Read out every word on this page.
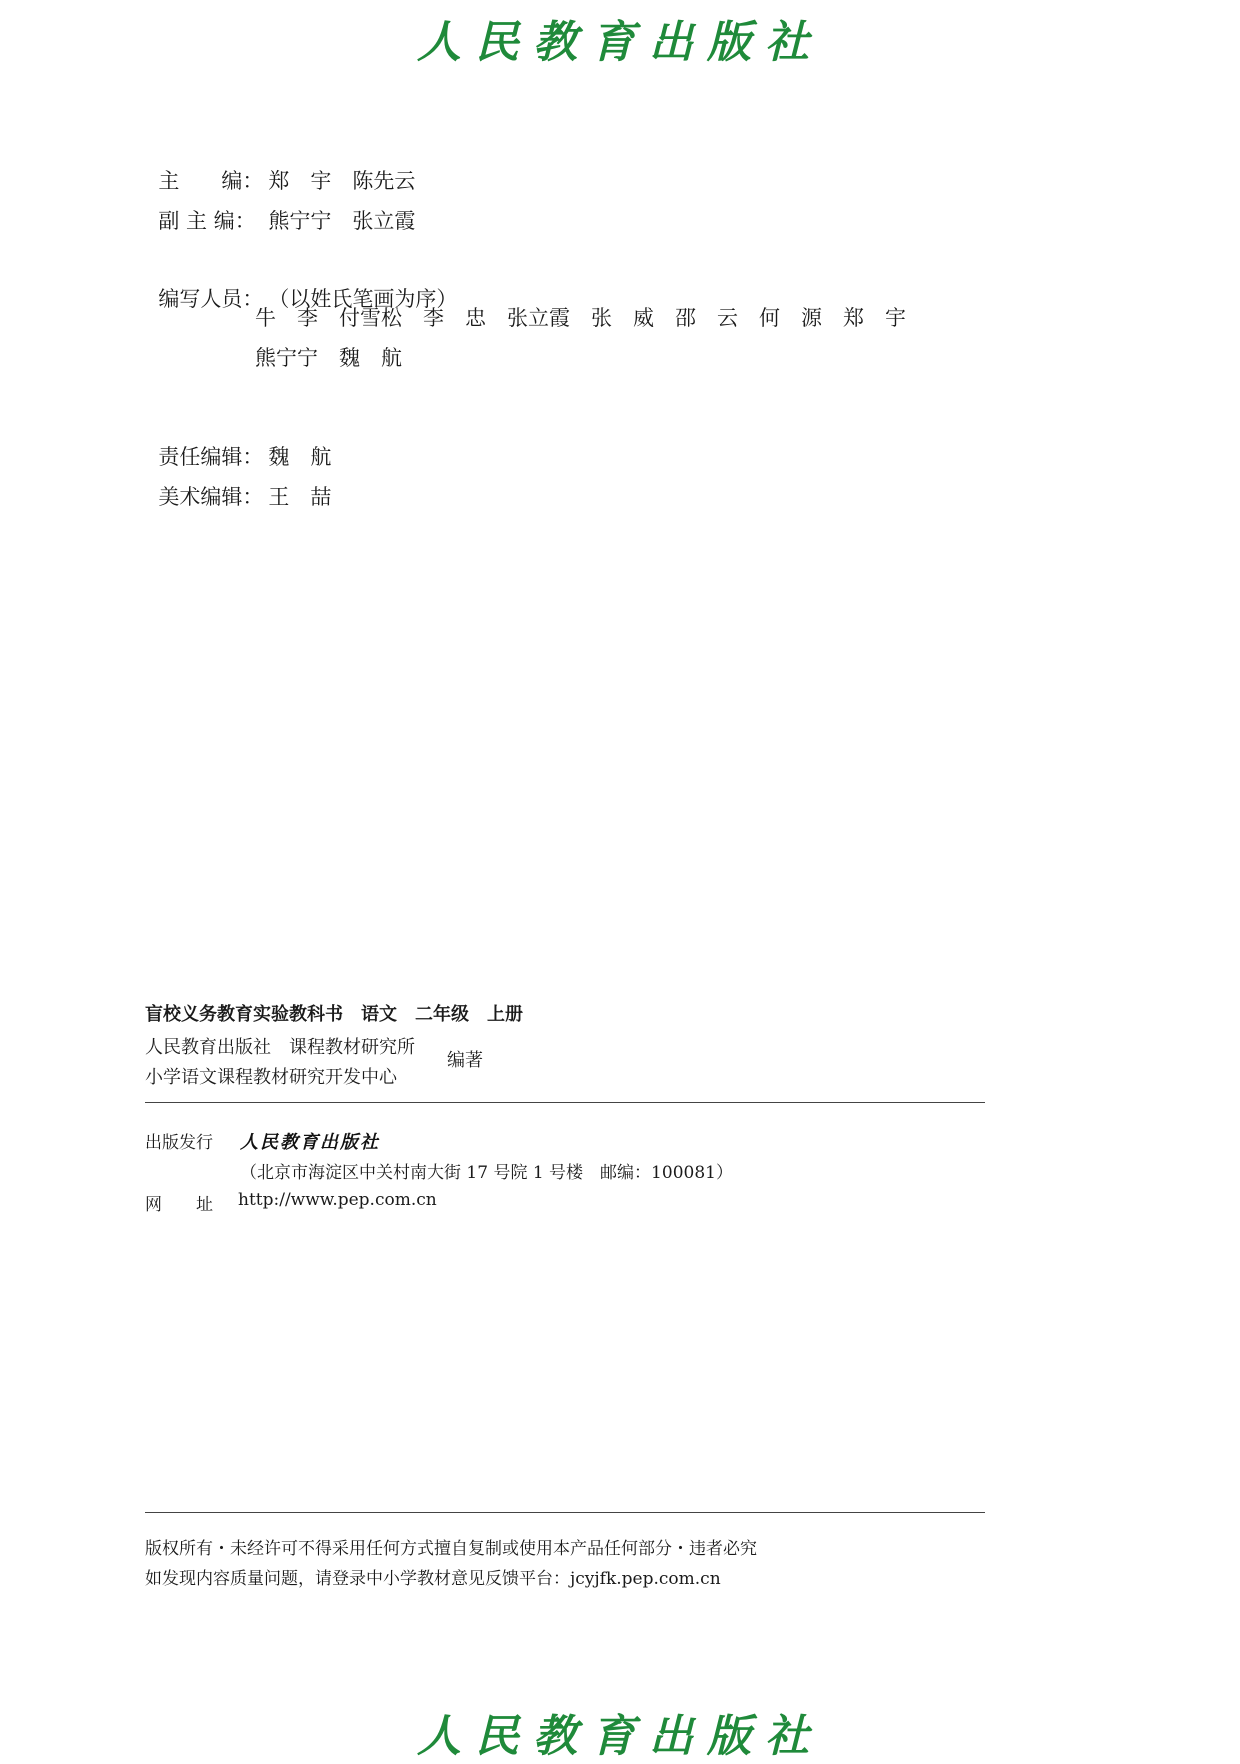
人民教育出版社

主　　编： 郑　宇　陈先云

副 主 编： 熊宁宁　张立霞

编写人员： （以姓氏笔画为序）

牛　李　付雪松　李　忠　张立霞　张　威　邵　云　何　源　郑　宇
熊宁宁　魏　航

责任编辑： 魏　航

美术编辑： 王　喆

盲校义务教育实验教科书　语文　二年级　上册
人民教育出版社　课程教材研究所
小学语文课程教材研究开发中心
编著
出版发行 人民教育出版社
（北京市海淀区中关村南大街 17 号院 1 号楼　邮编：100081）
网　　址 http://www.pep.com.cn
版权所有・未经许可不得采用任何方式擅自复制或使用本产品任何部分・违者必究
如发现内容质量问题，请登录中小学教材意见反馈平台：jcyjfk.pep.com.cn
人民教育出版社
